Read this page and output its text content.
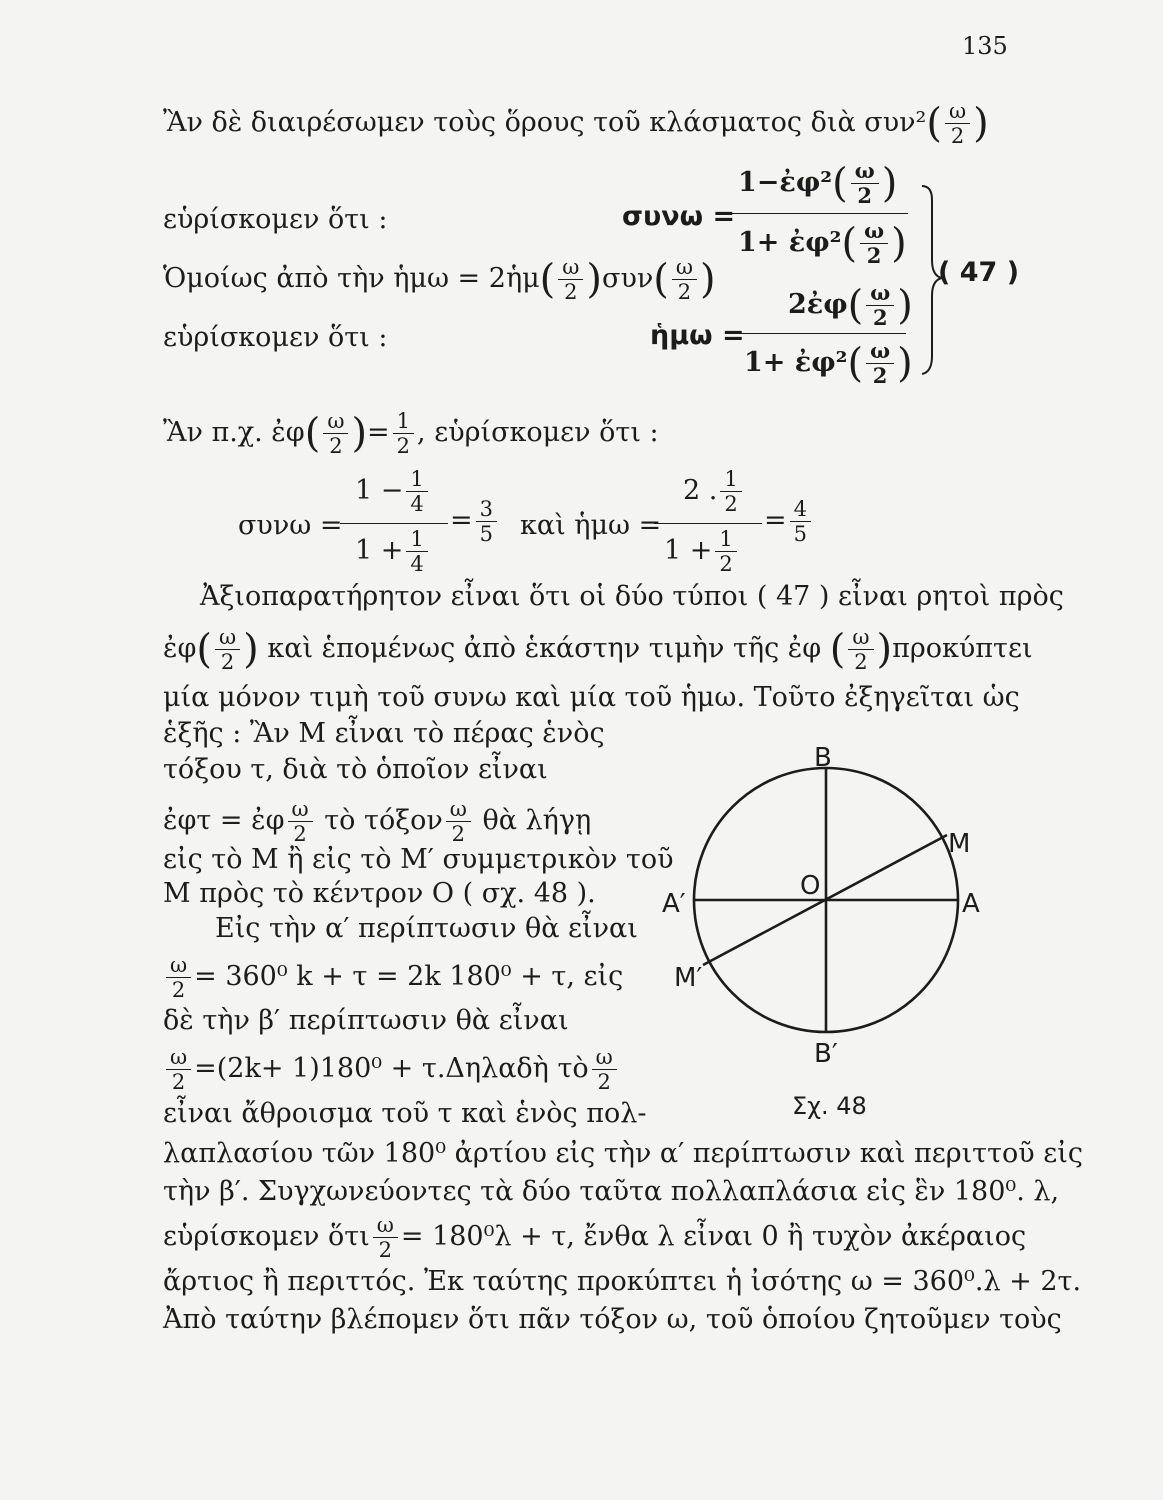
135
Ἂν δὲ διαιρέσωμεν τοὺς ὅρους τοῦ κλάσματος διὰ $\sigma\upsilon\nu^2( \frac{\omega}{2}$ )
εὑρίσκομεν ὅτι :	συνω =
1−ἐφ²( $\frac{\omega}{2}$ )
1+ ἐφ²( $\frac{\omega}{2}$ )
Ὁμοίως ἀπὸ τὴν ἡμω = 2ἡμ( $\frac{\omega}{2} )\sigma\upsilon\nu( \frac{\omega}{2}$ )
2ἐφ( $\frac{\omega}{2}$ )
εὑρίσκομεν ὅτι :	ἡμω =
1+ ἐφ²( $\frac{\omega}{2}$ )
( 47 )
Ἂν π.χ. ἐφ( $\frac{\omega}{2}$ )= $\frac{1}{2}$ , εὑρίσκομεν ὅτι :
συνω =
$1 - \frac{1}{4}$
$1 + \frac{1}{4}$
= $\frac{3}{5}$ καὶ ἡμω =
2 . $\frac{1}{2}$
$1 + \frac{1}{2}$
= $\frac{4}{5}$
Ἀξιοπαρατήρητον εἶναι ὅτι οἱ δύο τύποι ( 47 ) εἶναι ρητοὶ πρὸς
ἐφ( $\frac{\omega}{2}$ ) καὶ ἑπομένως ἀπὸ ἑκάστην τιμὴν τῆς ἐφ ( $\frac{\omega}{2} )\pi\rho o\kappa ύ\pi\tau\varepsilon\iota$
μία μόνον τιμὴ τοῦ συνω καὶ μία τοῦ ἡμω. Τοῦτο ἐξηγεῖται ὡς
ἑξῆς : Ἂν Μ εἶναι τὸ πέρας ἑνὸς
τόξου τ, διὰ τὸ ὁποῖον εἶναι
ἐφτ = ἐφ $\frac{\omega}{2}$ τὸ τόξον $\frac{\omega}{2}$ θὰ λήγῃ
εἰς τὸ Μ ἢ εἰς τὸ Μ′ συμμετρικὸν τοῦ
Μ πρὸς τὸ κέντρον Ο ( σχ. 48 ).
Εἰς τὴν α′ περίπτωσιν θὰ εἶναι
$\frac{\omega}{2} = 360^0$ k + τ = 2k 180⁰ + τ, εἰς
δὲ τὴν β′ περίπτωσιν θὰ εἶναι
$\frac{\omega}{2} =(2k+ 1)180^0$ + τ.Δηλαδὴ τὸ $\frac{\omega}{2}$
εἶναι ἄθροισμα τοῦ τ καὶ ἑνὸς πολ-
λαπλασίου τῶν 180⁰ ἀρτίου εἰς τὴν α′ περίπτωσιν καὶ περιττοῦ εἰς
τὴν β′. Συγχωνεύοντες τὰ δύο ταῦτα πολλαπλάσια εἰς ἓν 180⁰. λ,
εὑρίσκομεν ὅτι $\frac{\omega}{2} = 180^0\lambda + \tau$, ἔνθα λ εἶναι 0 ἢ τυχὸν ἀκέραιος
ἄρτιος ἢ περιττός. Ἐκ ταύτης προκύπτει ἡ ἰσότης ω = 360⁰.λ + 2τ.
Ἀπὸ ταύτην βλέπομεν ὅτι πᾶν τόξον ω, τοῦ ὁποίου ζητοῦμεν τοὺς
B
M
O
A′	A
M′
B′
Σχ. 48
